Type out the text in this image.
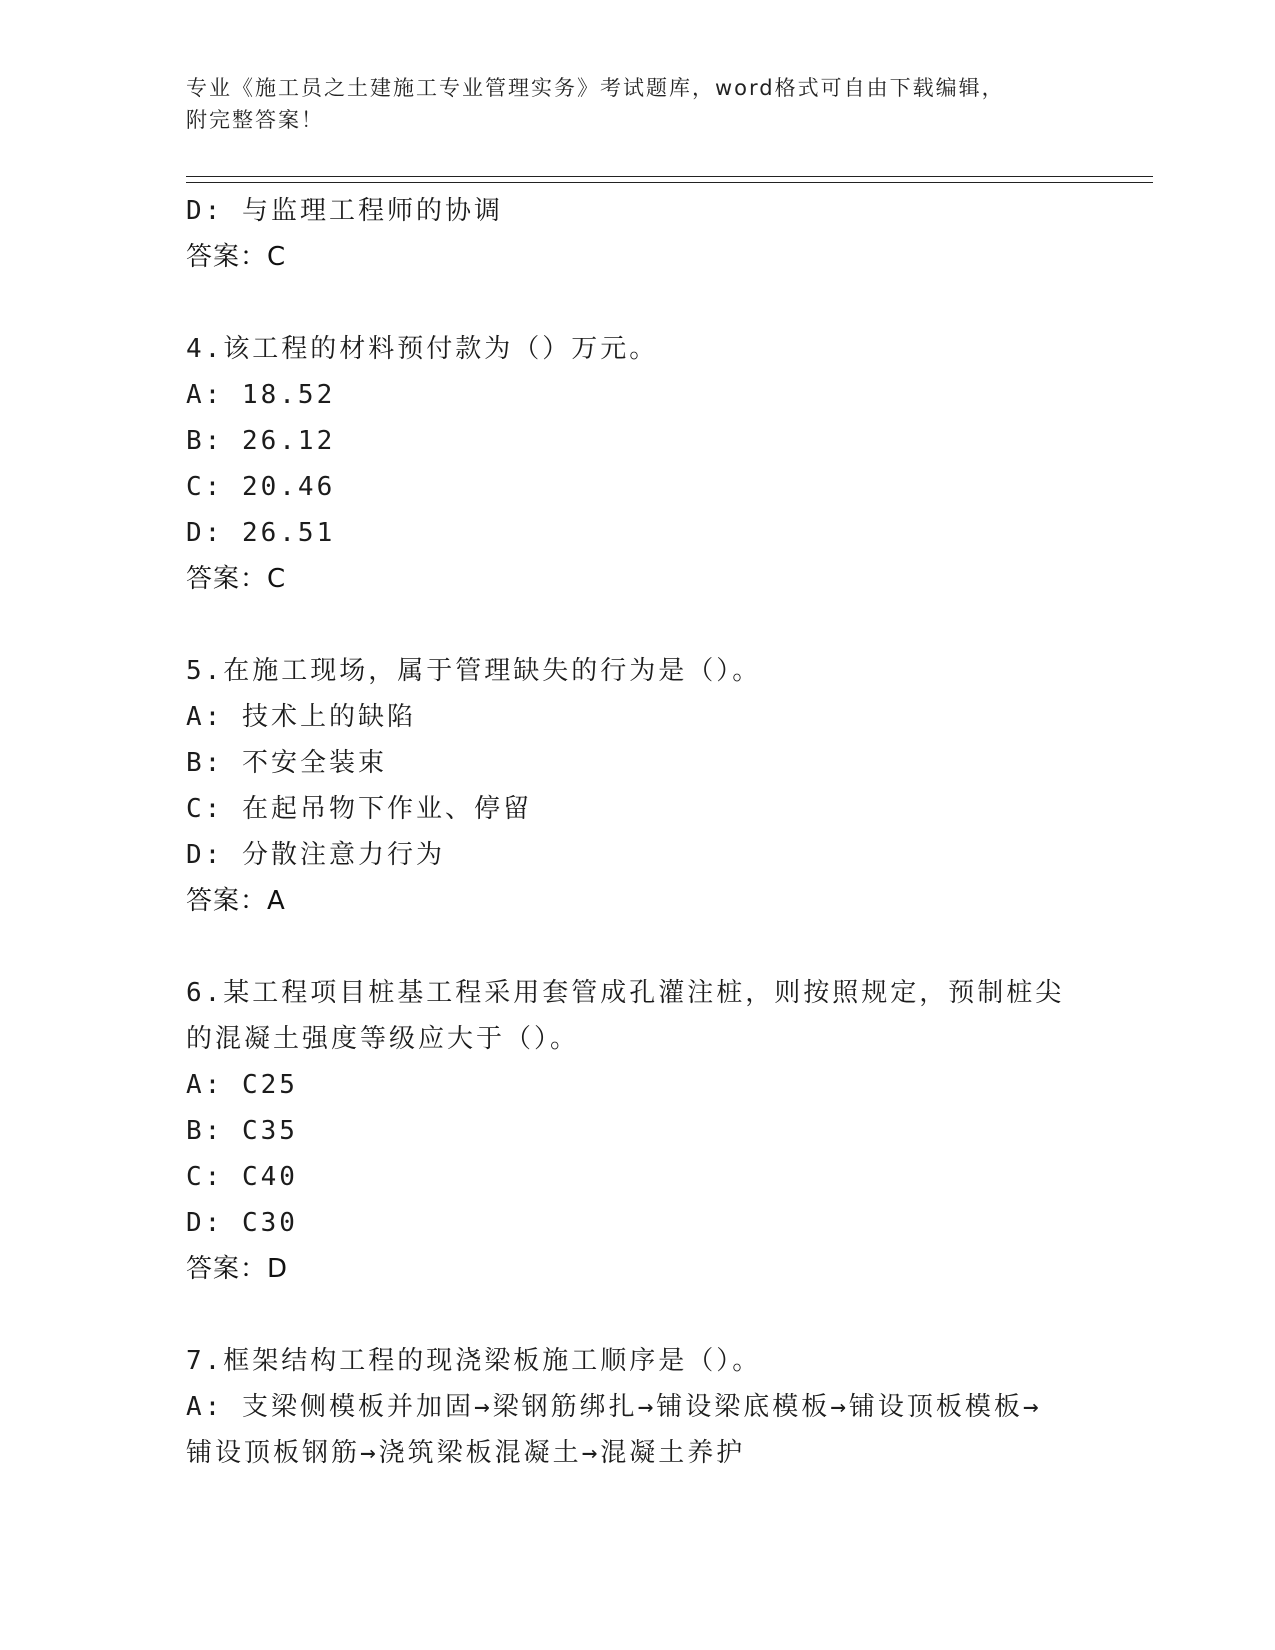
专业《施工员之土建施工专业管理实务》考试题库，word格式可自由下载编辑，
附完整答案！
D: 与监理工程师的协调
答案：C
4.该工程的材料预付款为（）万元。
A: 18.52
B: 26.12
C: 20.46
D: 26.51
答案：C
5.在施工现场，属于管理缺失的行为是（）。
A: 技术上的缺陷
B: 不安全装束
C: 在起吊物下作业、停留
D: 分散注意力行为
答案：A
6.某工程项目桩基工程采用套管成孔灌注桩，则按照规定，预制桩尖
的混凝土强度等级应大于（）。
A: C25
B: C35
C: C40
D: C30
答案：D
7.框架结构工程的现浇梁板施工顺序是（）。
A: 支梁侧模板并加固→梁钢筋绑扎→铺设梁底模板→铺设顶板模板→
铺设顶板钢筋→浇筑梁板混凝土→混凝土养护
